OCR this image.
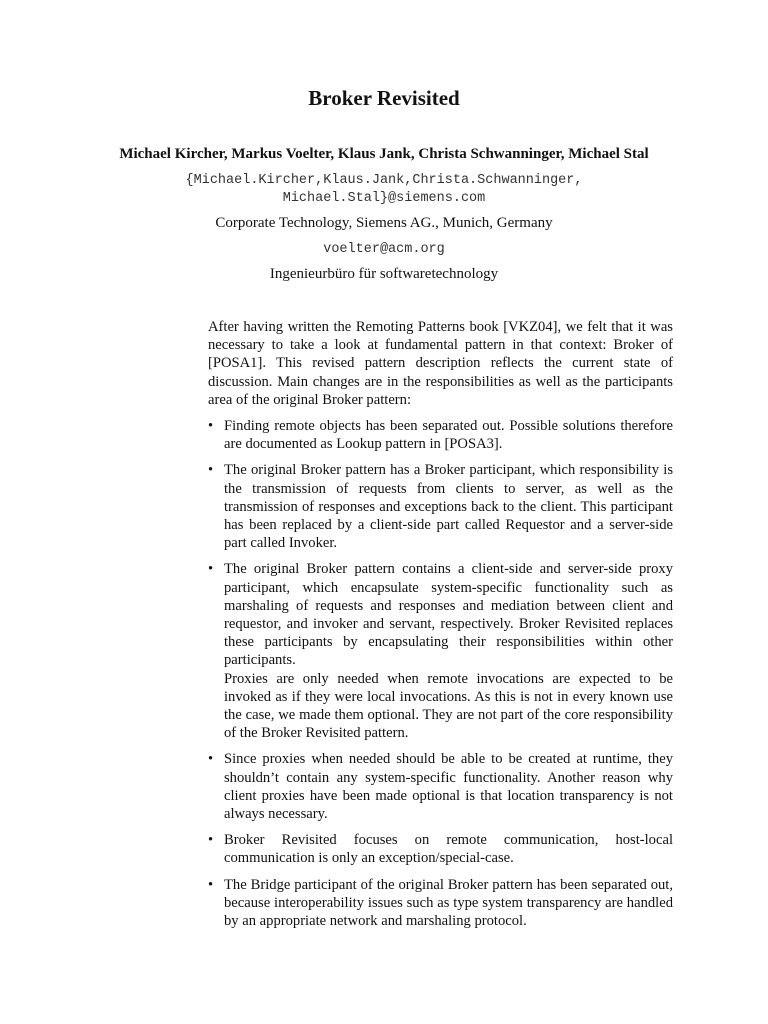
Broker Revisited
Michael Kircher, Markus Voelter, Klaus Jank, Christa Schwanninger, Michael Stal
{Michael.Kircher,Klaus.Jank,Christa.Schwanninger,
Michael.Stal}@siemens.com
Corporate Technology, Siemens AG., Munich, Germany
voelter@acm.org
Ingenieurbüro für softwaretechnology

After having written the Remoting Patterns book [VKZ04], we felt that it was necessary to take a look at fundamental pattern in that context: Broker of [POSA1]. This revised pattern description reflects the current state of discussion. Main changes are in the responsibilities as well as the participants area of the original Broker pattern:

• Finding remote objects has been separated out. Possible solutions therefore are documented as Lookup pattern in [POSA3].
• The original Broker pattern has a Broker participant, which responsibility is the transmission of requests from clients to server, as well as the transmission of responses and exceptions back to the client. This participant has been replaced by a client-side part called Requestor and a server-side part called Invoker.
• The original Broker pattern contains a client-side and server-side proxy participant, which encapsulate system-specific functionality such as marshaling of requests and responses and mediation between client and requestor, and invoker and servant, respectively. Broker Revisited replaces these participants by encapsulating their responsibilities within other participants.
Proxies are only needed when remote invocations are expected to be invoked as if they were local invocations. As this is not in every known use the case, we made them optional. They are not part of the core responsibility of the Broker Revisited pattern.
• Since proxies when needed should be able to be created at runtime, they shouldn’t contain any system-specific functionality. Another reason why client proxies have been made optional is that location transparency is not always necessary.
• Broker Revisited focuses on remote communication, host-local communication is only an exception/special-case.
• The Bridge participant of the original Broker pattern has been separated out, because interoperability issues such as type system transparency are handled by an appropriate network and marshaling protocol.
